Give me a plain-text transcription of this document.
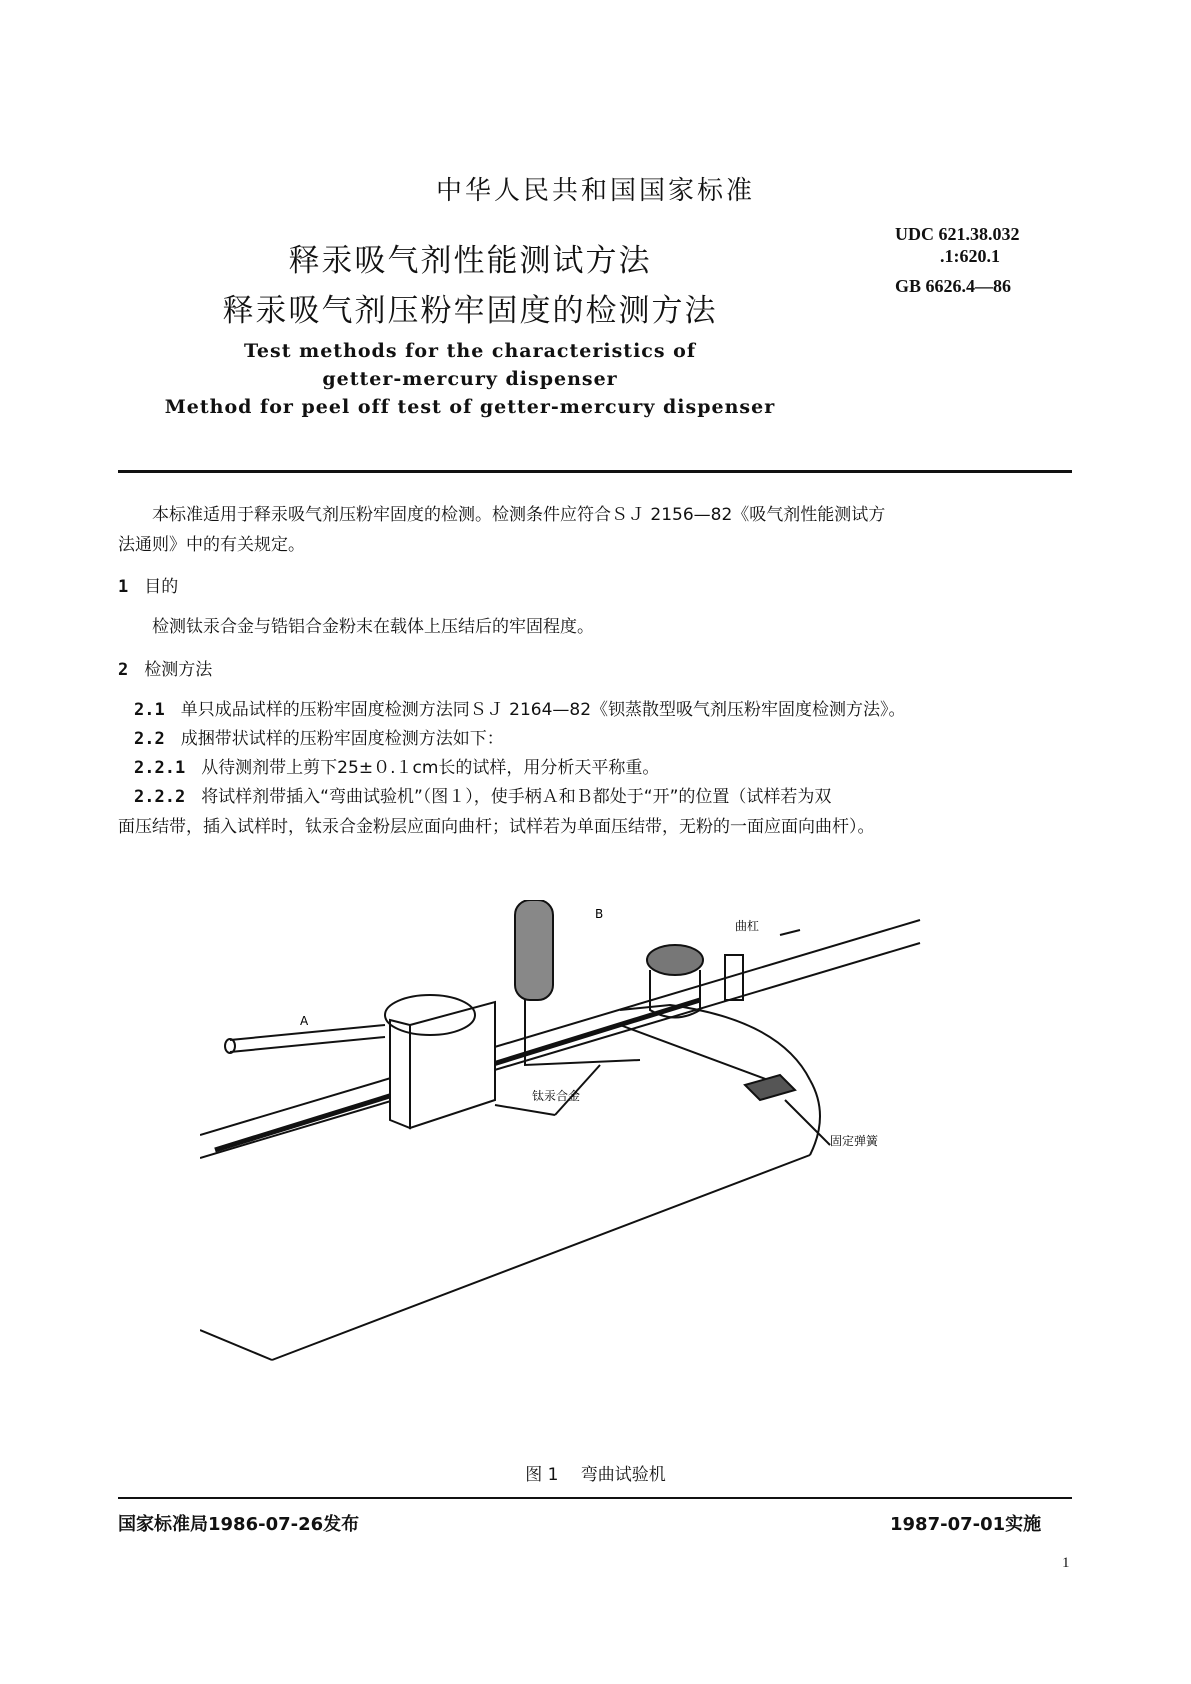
中华人民共和国国家标准
释汞吸气剂性能测试方法
释汞吸气剂压粉牢固度的检测方法
UDC 621.38.032
.1:620.1
GB 6626.4—86
Test methods for the characteristics of
getter-mercury dispenser
Method for peel off test of getter-mercury dispenser
本标准适用于释汞吸气剂压粉牢固度的检测。检测条件应符合ＳＪ 2156—82《吸气剂性能测试方
法通则》中的有关规定。
1 目的
检测钛汞合金与锆铝合金粉末在载体上压结后的牢固程度。
2 检测方法
2.1 单只成品试样的压粉牢固度检测方法同ＳＪ 2164—82《钡蒸散型吸气剂压粉牢固度检测方法》。
2.2 成捆带状试样的压粉牢固度检测方法如下：
2.2.1 从待测剂带上剪下25±０.１cm长的试样，用分析天平称重。
2.2.2 将试样剂带插入“弯曲试验机”（图１），使手柄Ａ和Ｂ都处于“开”的位置（试样若为双
面压结带，插入试样时，钛汞合金粉层应面向曲杆；试样若为单面压结带，无粉的一面应面向曲杆）。
B
A
曲杠
钛汞合金
固定弹簧
图 1　 弯曲试验机
国家标准局1986-07-26发布	1987-07-01实施
1
